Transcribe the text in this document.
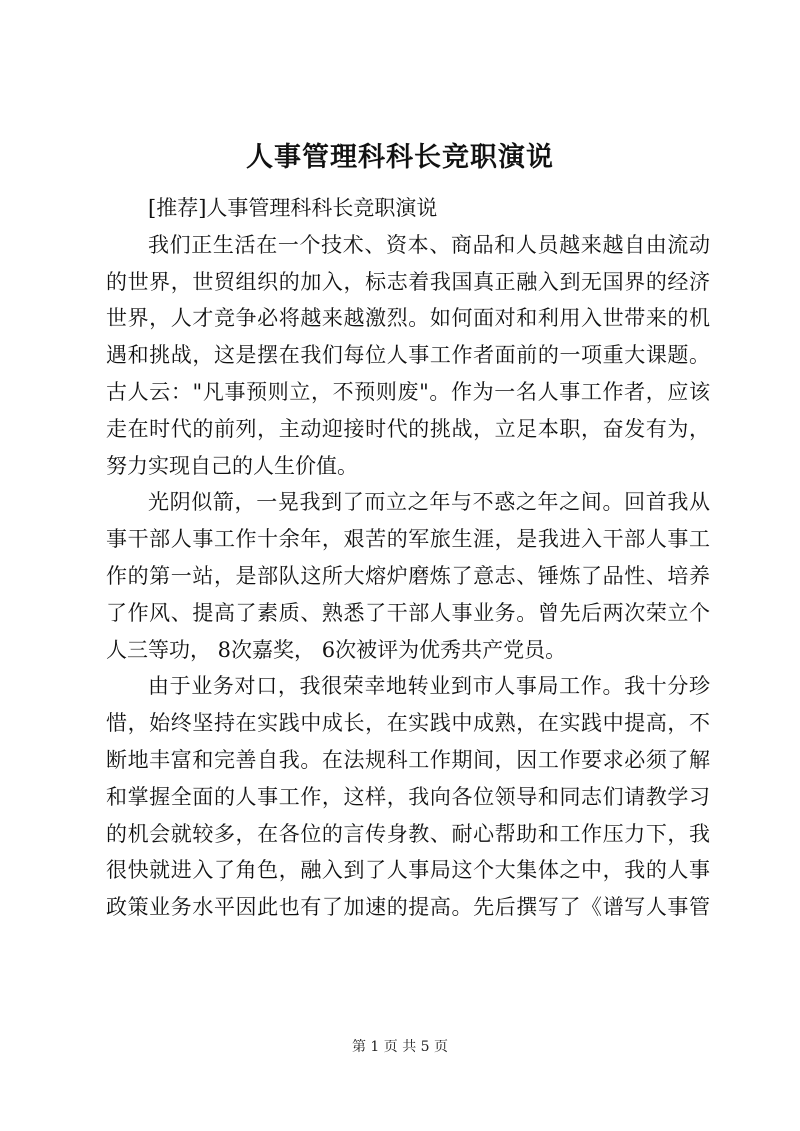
人事管理科科长竞职演说
[推荐]人事管理科科长竞职演说
我们正生活在一个技术、资本、商品和人员越来越自由流动
的世界，世贸组织的加入，标志着我国真正融入到无国界的经济
世界，人才竞争必将越来越激烈。如何面对和利用入世带来的机
遇和挑战，这是摆在我们每位人事工作者面前的一项重大课题。
古人云："凡事预则立，不预则废"。作为一名人事工作者，应该
走在时代的前列，主动迎接时代的挑战，立足本职，奋发有为，
努力实现自己的人生价值。
光阴似箭，一晃我到了而立之年与不惑之年之间。回首我从
事干部人事工作十余年，艰苦的军旅生涯，是我进入干部人事工
作的第一站，是部队这所大熔炉磨炼了意志、锤炼了品性、培养
了作风、提高了素质、熟悉了干部人事业务。曾先后两次荣立个
人三等功， 8次嘉奖， 6次被评为优秀共产党员。
由于业务对口，我很荣幸地转业到市人事局工作。我十分珍
惜，始终坚持在实践中成长，在实践中成熟，在实践中提高，不
断地丰富和完善自我。在法规科工作期间，因工作要求必须了解
和掌握全面的人事工作，这样，我向各位领导和同志们请教学习
的机会就较多，在各位的言传身教、耐心帮助和工作压力下，我
很快就进入了角色，融入到了人事局这个大集体之中，我的人事
政策业务水平因此也有了加速的提高。先后撰写了《谱写人事管
第 1 页 共 5 页
